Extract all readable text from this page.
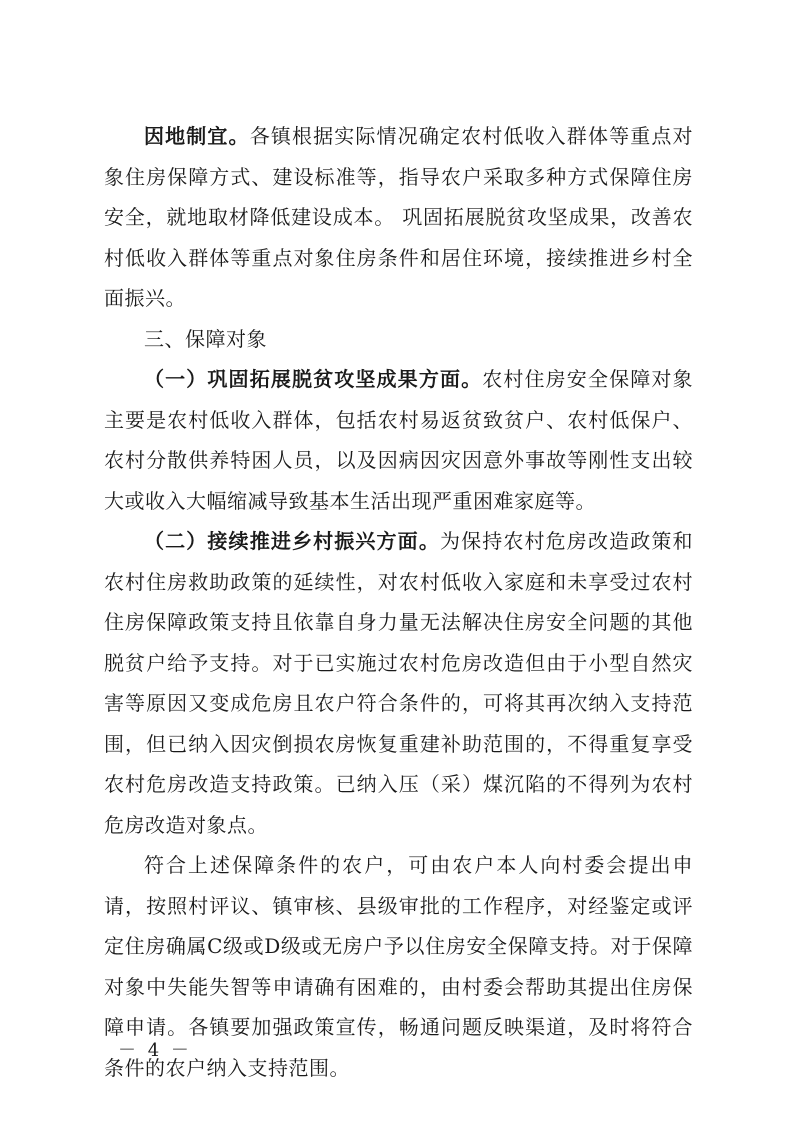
因地制宜。各镇根据实际情况确定农村低收入群体等重点对象住房保障方式、建设标准等，指导农户采取多种方式保障住房安全，就地取材降低建设成本。 巩固拓展脱贫攻坚成果，改善农村低收入群体等重点对象住房条件和居住环境，接续推进乡村全面振兴。

三、保障对象

（一）巩固拓展脱贫攻坚成果方面。农村住房安全保障对象主要是农村低收入群体，包括农村易返贫致贫户、农村低保户、农村分散供养特困人员，以及因病因灾因意外事故等刚性支出较大或收入大幅缩减导致基本生活出现严重困难家庭等。

（二）接续推进乡村振兴方面。为保持农村危房改造政策和农村住房救助政策的延续性，对农村低收入家庭和未享受过农村住房保障政策支持且依靠自身力量无法解决住房安全问题的其他脱贫户给予支持。对于已实施过农村危房改造但由于小型自然灾害等原因又变成危房且农户符合条件的，可将其再次纳入支持范围，但已纳入因灾倒损农房恢复重建补助范围的，不得重复享受农村危房改造支持政策。已纳入压（采）煤沉陷的不得列为农村危房改造对象点。

符合上述保障条件的农户，可由农户本人向村委会提出申请，按照村评议、镇审核、县级审批的工作程序，对经鉴定或评定住房确属C级或D级或无房户予以住房安全保障支持。对于保障对象中失能失智等申请确有困难的，由村委会帮助其提出住房保障申请。各镇要加强政策宣传，畅通问题反映渠道，及时将符合条件的农户纳入支持范围。

－ 4 －
